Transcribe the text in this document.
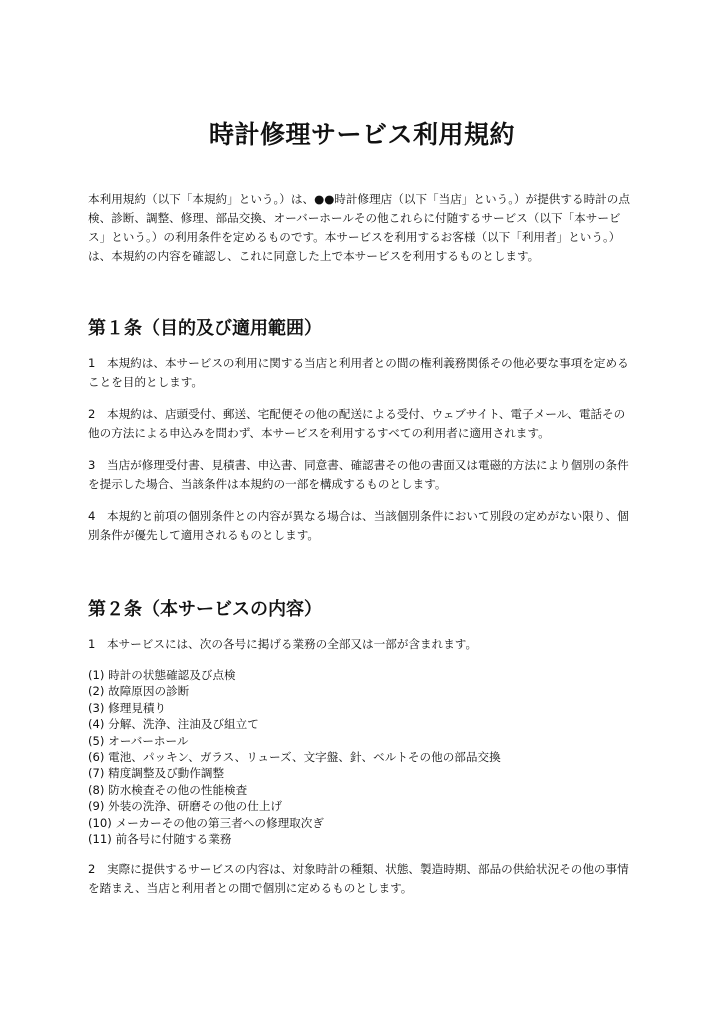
時計修理サービス利用規約

本利用規約（以下「本規約」という。）は、●●時計修理店（以下「当店」という。）が提供する時計の点検、診断、調整、修理、部品交換、オーバーホールその他これらに付随するサービス（以下「本サービス」という。）の利用条件を定めるものです。本サービスを利用するお客様（以下「利用者」という。）は、本規約の内容を確認し、これに同意した上で本サービスを利用するものとします。

第１条（目的及び適用範囲）

1　本規約は、本サービスの利用に関する当店と利用者との間の権利義務関係その他必要な事項を定めることを目的とします。

2　本規約は、店頭受付、郵送、宅配便その他の配送による受付、ウェブサイト、電子メール、電話その他の方法による申込みを問わず、本サービスを利用するすべての利用者に適用されます。

3　当店が修理受付書、見積書、申込書、同意書、確認書その他の書面又は電磁的方法により個別の条件を提示した場合、当該条件は本規約の一部を構成するものとします。

4　本規約と前項の個別条件との内容が異なる場合は、当該個別条件において別段の定めがない限り、個別条件が優先して適用されるものとします。

第２条（本サービスの内容）

1　本サービスには、次の各号に掲げる業務の全部又は一部が含まれます。

(1) 時計の状態確認及び点検
(2) 故障原因の診断
(3) 修理見積り
(4) 分解、洗浄、注油及び組立て
(5) オーバーホール
(6) 電池、パッキン、ガラス、リューズ、文字盤、針、ベルトその他の部品交換
(7) 精度調整及び動作調整
(8) 防水検査その他の性能検査
(9) 外装の洗浄、研磨その他の仕上げ
(10) メーカーその他の第三者への修理取次ぎ
(11) 前各号に付随する業務

2　実際に提供するサービスの内容は、対象時計の種類、状態、製造時期、部品の供給状況その他の事情を踏まえ、当店と利用者との間で個別に定めるものとします。
